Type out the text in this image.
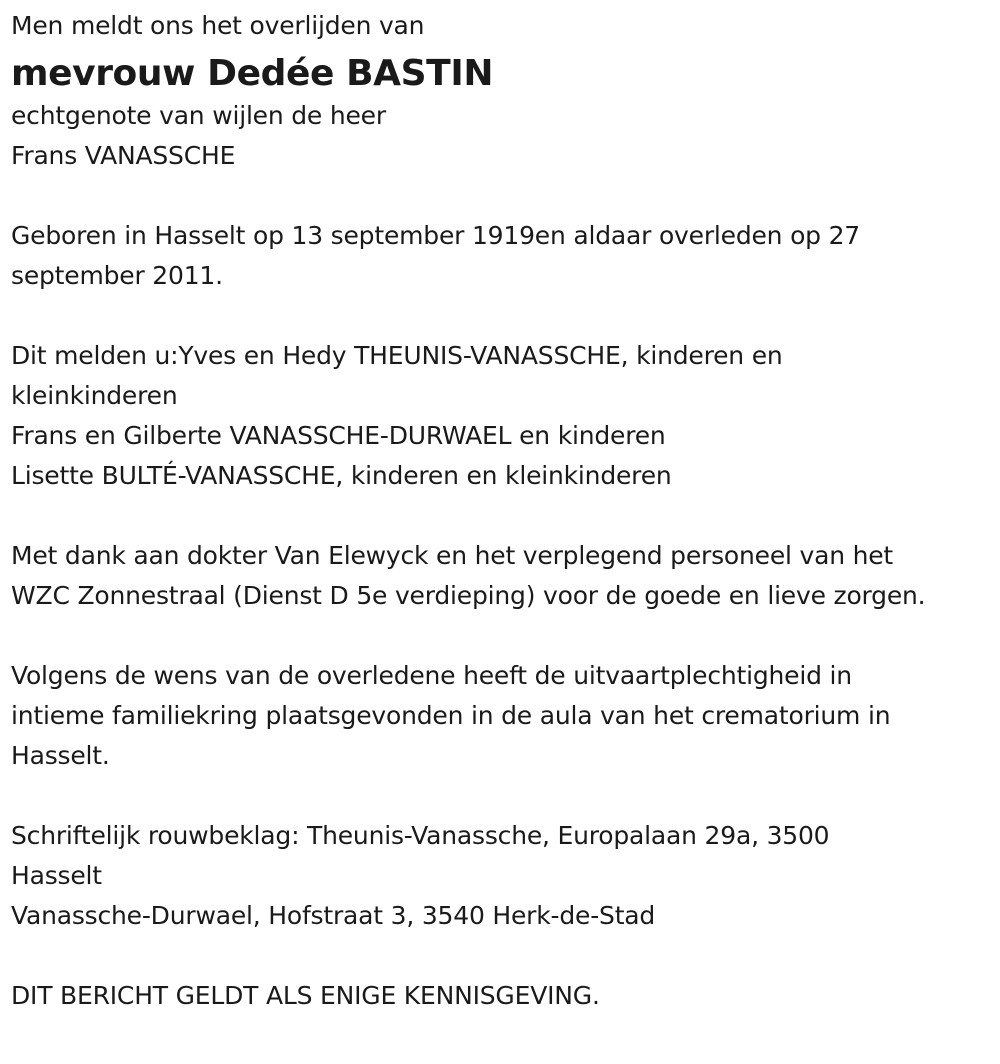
Men meldt ons het overlijden van
mevrouw Dedée BASTIN
echtgenote van wijlen de heer
Frans VANASSCHE
Geboren in Hasselt op 13 september 1919en aldaar overleden op 27
september 2011.
Dit melden u:Yves en Hedy THEUNIS-VANASSCHE, kinderen en
kleinkinderen
Frans en Gilberte VANASSCHE-DURWAEL en kinderen
Lisette BULTÉ-VANASSCHE, kinderen en kleinkinderen
Met dank aan dokter Van Elewyck en het verplegend personeel van het
WZC Zonnestraal (Dienst D 5e verdieping) voor de goede en lieve zorgen.
Volgens de wens van de overledene heeft de uitvaartplechtigheid in
intieme familiekring plaatsgevonden in de aula van het crematorium in
Hasselt.
Schriftelijk rouwbeklag: Theunis-Vanassche, Europalaan 29a, 3500
Hasselt
Vanassche-Durwael, Hofstraat 3, 3540 Herk-de-Stad
DIT BERICHT GELDT ALS ENIGE KENNISGEVING.
